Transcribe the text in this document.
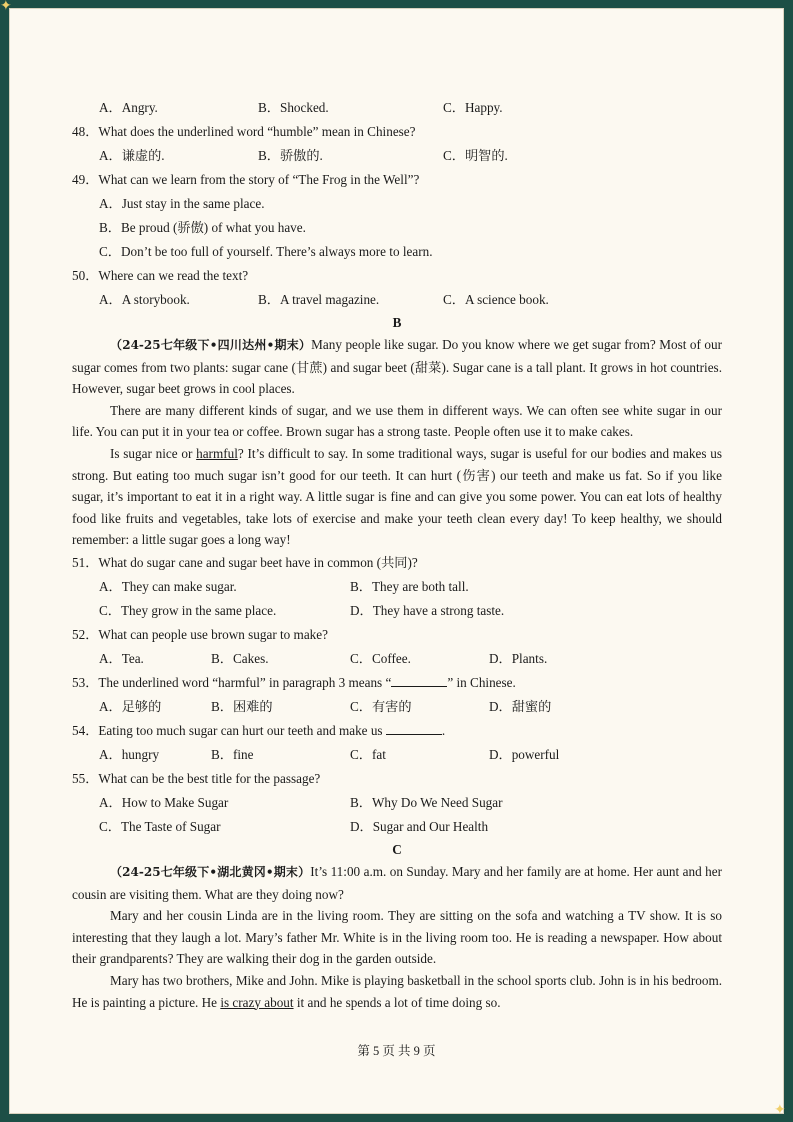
✦
✦
A．Angry.	B．Shocked.	C．Happy.
48．What does the underlined word “humble” mean in Chinese?
A．谦虚的.	B．骄傲的.	C．明智的.
49．What can we learn from the story of “The Frog in the Well”?
A．Just stay in the same place.
B．Be proud (骄傲) of what you have.
C．Don’t be too full of yourself. There’s always more to learn.
50．Where can we read the text?
A．A storybook.	B．A travel magazine.	C．A science book.
B
（24-25七年级下•四川达州•期末）Many people like sugar. Do you know where we get sugar from? Most of our sugar comes from two plants: sugar cane (甘蔗) and sugar beet (甜菜). Sugar cane is a tall plant. It grows in hot countries. However, sugar beet grows in cool places.
There are many different kinds of sugar, and we use them in different ways. We can often see white sugar in our life. You can put it in your tea or coffee. Brown sugar has a strong taste. People often use it to make cakes.
Is sugar nice or harmful? It’s difficult to say. In some traditional ways, sugar is useful for our bodies and makes us strong. But eating too much sugar isn’t good for our teeth. It can hurt (伤害) our teeth and make us fat. So if you like sugar, it’s important to eat it in a right way. A little sugar is fine and can give you some power. You can eat lots of healthy food like fruits and vegetables, take lots of exercise and make your teeth clean every day! To keep healthy, we should remember: a little sugar goes a long way!
51．What do sugar cane and sugar beet have in common (共同)?
A．They can make sugar.	B．They are both tall.
C．They grow in the same place.	D．They have a strong taste.
52．What can people use brown sugar to make?
A．Tea.	B．Cakes.	C．Coffee.	D．Plants.
53．The underlined word “harmful” in paragraph 3 means “	” in Chinese.
A．足够的	B．困难的	C．有害的	D．甜蜜的
54．Eating too much sugar can hurt our teeth and make us	.
A．hungry	B．fine	C．fat	D．powerful
55．What can be the best title for the passage?
A．How to Make Sugar	B．Why Do We Need Sugar
C．The Taste of Sugar	D．Sugar and Our Health
C
（24-25七年级下•湖北黄冈•期末）It’s 11:00 a.m. on Sunday. Mary and her family are at home. Her aunt and her cousin are visiting them. What are they doing now?
Mary and her cousin Linda are in the living room. They are sitting on the sofa and watching a TV show. It is so interesting that they laugh a lot. Mary’s father Mr. White is in the living room too. He is reading a newspaper. How about their grandparents? They are walking their dog in the garden outside.
Mary has two brothers, Mike and John. Mike is playing basketball in the school sports club. John is in his bedroom. He is painting a picture. He is crazy about it and he spends a lot of time doing so.
第 5 页 共 9 页
